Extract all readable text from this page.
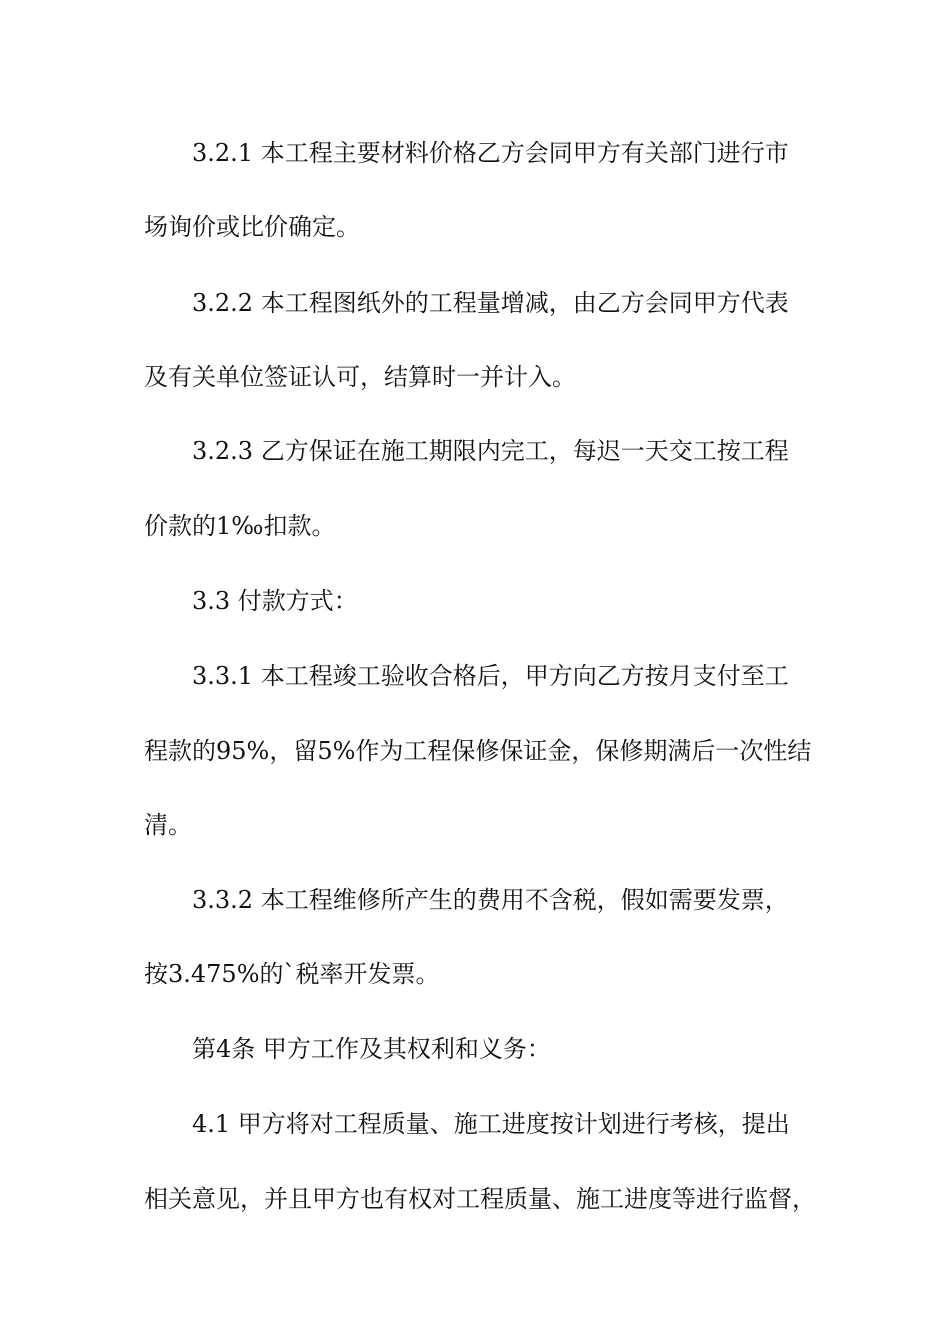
3.2.1 本工程主要材料价格乙方会同甲方有关部门进行市
场询价或比价确定。
3.2.2 本工程图纸外的工程量增减，由乙方会同甲方代表
及有关单位签证认可，结算时一并计入。
3.2.3 乙方保证在施工期限内完工，每迟一天交工按工程
价款的1‰扣款。
3.3 付款方式：
3.3.1 本工程竣工验收合格后，甲方向乙方按月支付至工
程款的95%，留5%作为工程保修保证金，保修期满后一次性结
清。
3.3.2 本工程维修所产生的费用不含税，假如需要发票，
按3.475%的`税率开发票。
第4条 甲方工作及其权利和义务：
4.1 甲方将对工程质量、施工进度按计划进行考核，提出
相关意见，并且甲方也有权对工程质量、施工进度等进行监督，
